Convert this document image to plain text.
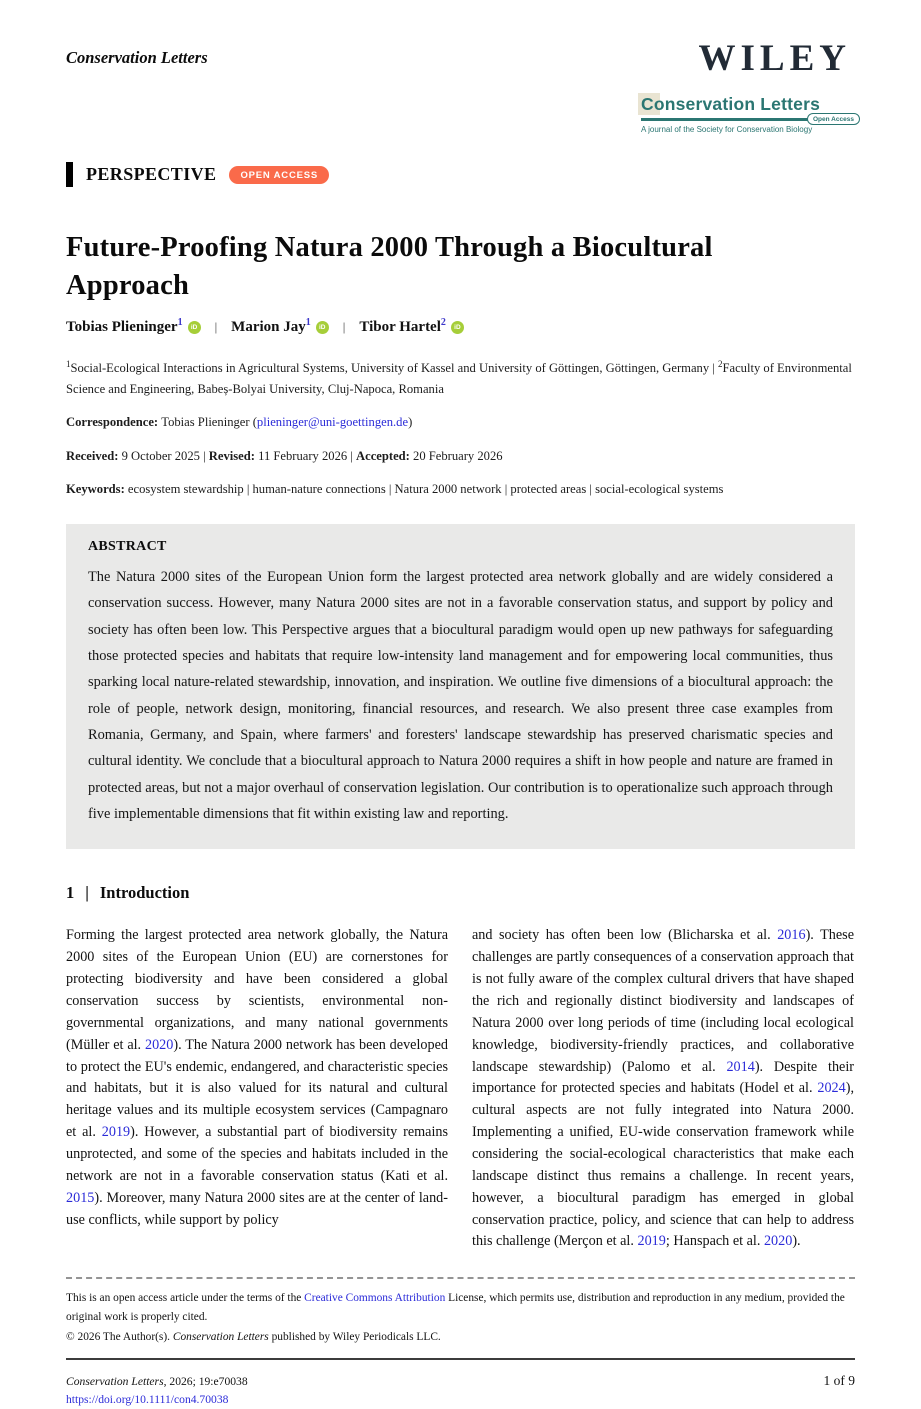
Conservation Letters	WILEY
Conservation Letters
Open Access
A journal of the Society for Conservation Biology
PERSPECTIVE	OPEN ACCESS
Future-Proofing Natura 2000 Through a Biocultural Approach
Tobias Plieninger$^1$	iD | Marion Jay$^1$	iD | Tibor Hartel$^2$	iD

$^1$Social-Ecological Interactions in Agricultural Systems, University of Kassel and University of Göttingen, Göttingen, Germany | $^2$Faculty of Environmental Science and Engineering, Babeș-Bolyai University, Cluj-Napoca, Romania

Correspondence: Tobias Plieninger (plieninger@uni-goettingen.de)

Received: 9 October 2025 | Revised: 11 February 2026 | Accepted: 20 February 2026

Keywords: ecosystem stewardship | human-nature connections | Natura 2000 network | protected areas | social-ecological systems

ABSTRACT

The Natura 2000 sites of the European Union form the largest protected area network globally and are widely considered a conservation success. However, many Natura 2000 sites are not in a favorable conservation status, and support by policy and society has often been low. This Perspective argues that a biocultural paradigm would open up new pathways for safeguarding those protected species and habitats that require low-intensity land management and for empowering local communities, thus sparking local nature-related stewardship, innovation, and inspiration. We outline five dimensions of a biocultural approach: the role of people, network design, monitoring, financial resources, and research. We also present three case examples from Romania, Germany, and Spain, where farmers' and foresters' landscape stewardship has preserved charismatic species and cultural identity. We conclude that a biocultural approach to Natura 2000 requires a shift in how people and nature are framed in protected areas, but not a major overhaul of conservation legislation. Our contribution is to operationalize such approach through five implementable dimensions that fit within existing law and reporting.

1 | Introduction

Forming the largest protected area network globally, the Natura 2000 sites of the European Union (EU) are cornerstones for protecting biodiversity and have been considered a global conservation success by scientists, environmental non-governmental organizations, and many national governments (Müller et al. 2020). The Natura 2000 network has been developed to protect the EU's endemic, endangered, and characteristic species and habitats, but it is also valued for its natural and cultural heritage values and its multiple ecosystem services (Campagnaro et al. 2019). However, a substantial part of biodiversity remains unprotected, and some of the species and habitats included in the network are not in a favorable conservation status (Kati et al. 2015). Moreover, many Natura 2000 sites are at the center of land-use conflicts, while support by policy

and society has often been low (Blicharska et al. 2016). These challenges are partly consequences of a conservation approach that is not fully aware of the complex cultural drivers that have shaped the rich and regionally distinct biodiversity and landscapes of Natura 2000 over long periods of time (including local ecological knowledge, biodiversity-friendly practices, and collaborative landscape stewardship) (Palomo et al. 2014). Despite their importance for protected species and habitats (Hodel et al. 2024), cultural aspects are not fully integrated into Natura 2000. Implementing a unified, EU-wide conservation framework while considering the social-ecological characteristics that make each landscape distinct thus remains a challenge. In recent years, however, a biocultural paradigm has emerged in global conservation practice, policy, and science that can help to address this challenge (Merçon et al. 2019; Hanspach et al. 2020).

This is an open access article under the terms of the Creative Commons Attribution License, which permits use, distribution and reproduction in any medium, provided the original work is properly cited.

© 2026 The Author(s). Conservation Letters published by Wiley Periodicals LLC.

Conservation Letters, 2026; 19:e70038

https://doi.org/10.1111/con4.70038

1 of 9
